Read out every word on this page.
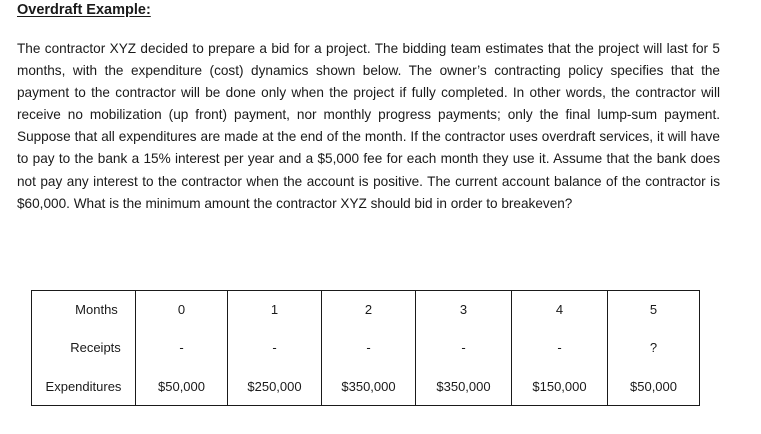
Overdraft Example:

The contractor XYZ decided to prepare a bid for a project. The bidding team estimates that the project will last for 5 months, with the expenditure (cost) dynamics shown below. The owner’s contracting policy specifies that the payment to the contractor will be done only when the project if fully completed. In other words, the contractor will receive no mobilization (up front) payment, nor monthly progress payments; only the final lump-sum payment. Suppose that all expenditures are made at the end of the month. If the contractor uses overdraft services, it will have to pay to the bank a 15% interest per year and a $5,000 fee for each month they use it. Assume that the bank does not pay any interest to the contractor when the account is positive. The current account balance of the contractor is $60,000. What is the minimum amount the contractor XYZ should bid in order to breakeven?

Months	0	1	2	3	4	5
Receipts	-	-	-	-	-	?
Expenditures	$50,000	$250,000	$350,000	$350,000	$150,000	$50,000
